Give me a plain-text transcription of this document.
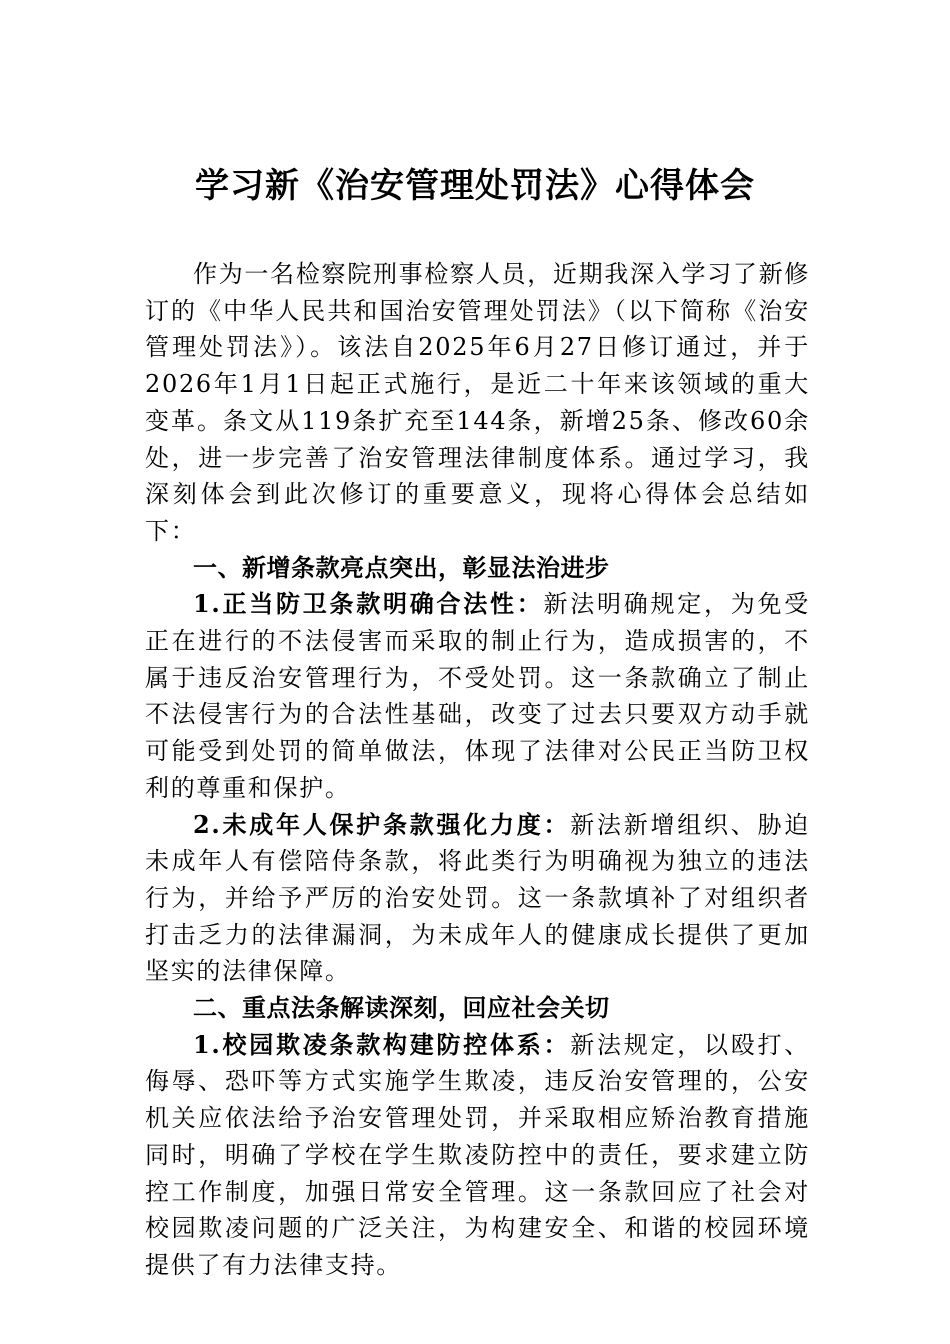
学习新《治安管理处罚法》心得体会

作为一名检察院刑事检察人员，近期我深入学习了新修订的《中华人民共和国治安管理处罚法》（以下简称《治安管理处罚法》）。该法自2025年6月27日修订通过，并于2026年1月1日起正式施行，是近二十年来该领域的重大变革。条文从119条扩充至144条，新增25条、修改60余处，进一步完善了治安管理法律制度体系。通过学习，我深刻体会到此次修订的重要意义，现将心得体会总结如下：

一、新增条款亮点突出，彰显法治进步

1.正当防卫条款明确合法性：新法明确规定，为免受正在进行的不法侵害而采取的制止行为，造成损害的，不属于违反治安管理行为，不受处罚。这一条款确立了制止不法侵害行为的合法性基础，改变了过去只要双方动手就可能受到处罚的简单做法，体现了法律对公民正当防卫权利的尊重和保护。

2.未成年人保护条款强化力度：新法新增组织、胁迫未成年人有偿陪侍条款，将此类行为明确视为独立的违法行为，并给予严厉的治安处罚。这一条款填补了对组织者打击乏力的法律漏洞，为未成年人的健康成长提供了更加坚实的法律保障。

二、重点法条解读深刻，回应社会关切

1.校园欺凌条款构建防控体系：新法规定，以殴打、侮辱、恐吓等方式实施学生欺凌，违反治安管理的，公安机关应依法给予治安管理处罚，并采取相应矫治教育措施同时，明确了学校在学生欺凌防控中的责任，要求建立防控工作制度，加强日常安全管理。这一条款回应了社会对校园欺凌问题的广泛关注，为构建安全、和谐的校园环境提供了有力法律支持。
